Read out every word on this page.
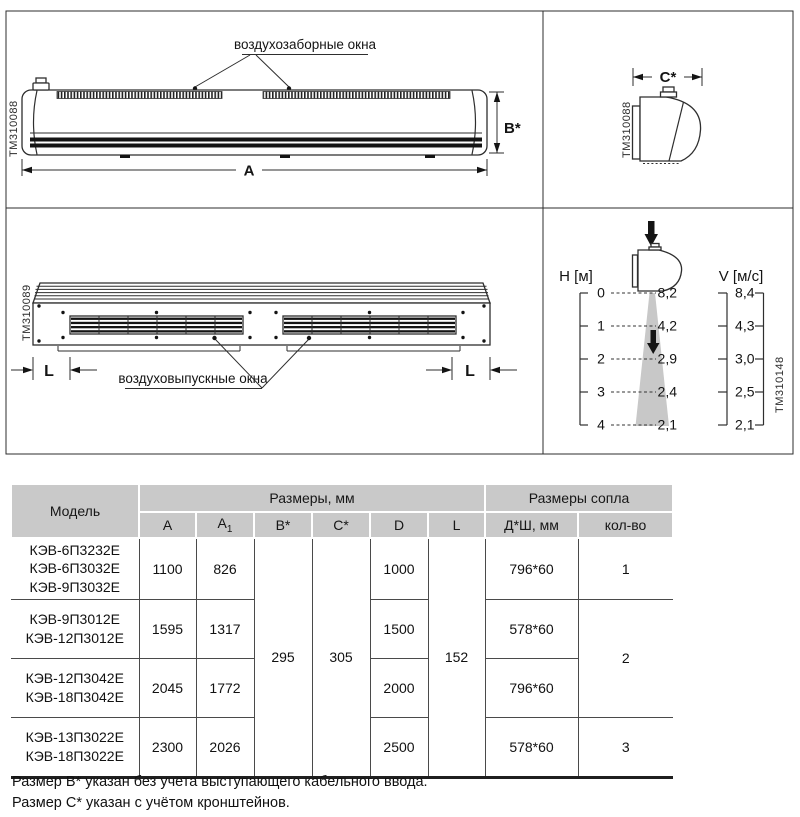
воздухозаборные окна
A
B*
ТМ310088
C*
ТМ310088
L	L
воздуховыпускные окна
ТМ310089
H [м]	V [м/с]
0
1
2
3
4
8,2
4,2
2,9
2,4
2,1
8,4
4,3
3,0
2,5
2,1
ТМ310148
Модель	Размеры, мм						Размеры сопла	
	A	$A_1$	B*	C*	D	L	Д*Ш, мм	кол-во

КЭВ-6П3232Е
КЭВ-6П3032Е
КЭВ-9П3032Е	1100	826	295	305	1000	152	796*60	1

КЭВ-9П3012Е
КЭВ-12П3012Е	1595	1317			1500		578*60	2

КЭВ-12П3042Е
КЭВ-18П3042Е	2045	1772			2000		796*60	

КЭВ-13П3022Е
КЭВ-18П3022Е	2300	2026			2500		578*60	3
Размер В* указан без учета выступающего кабельного ввода.
Размер С* указан с учётом кронштейнов.
